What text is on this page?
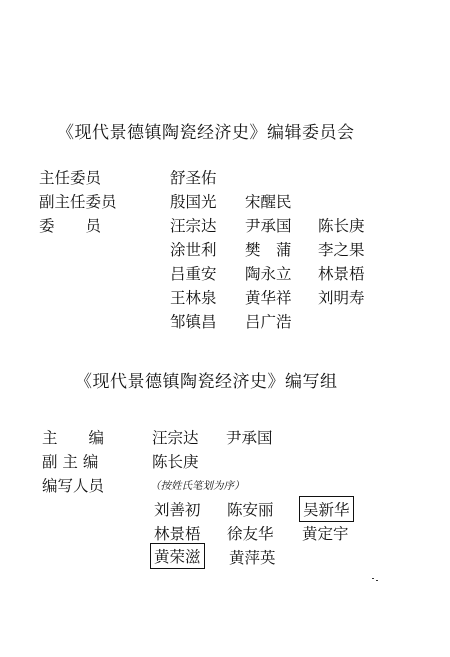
《现代景德镇陶瓷经济史》编辑委员会
主任委员	舒圣佑
副主任委员	殷国光 宋醒民
委　　员	汪宗达 尹承国 陈长庚
涂世利 樊　蒲 李之果
吕重安 陶永立 林景梧
王林泉 黄华祥 刘明寿
邹镇昌 吕广浩
《现代景德镇陶瓷经济史》编写组
主　　编	汪宗达 尹承国
副 主 编	陈长庚
编写人员	（按姓氏笔划为序）
刘善初 陈安丽 吴新华
林景梧 徐友华 黄定宇
黄荣滋 黄萍英
